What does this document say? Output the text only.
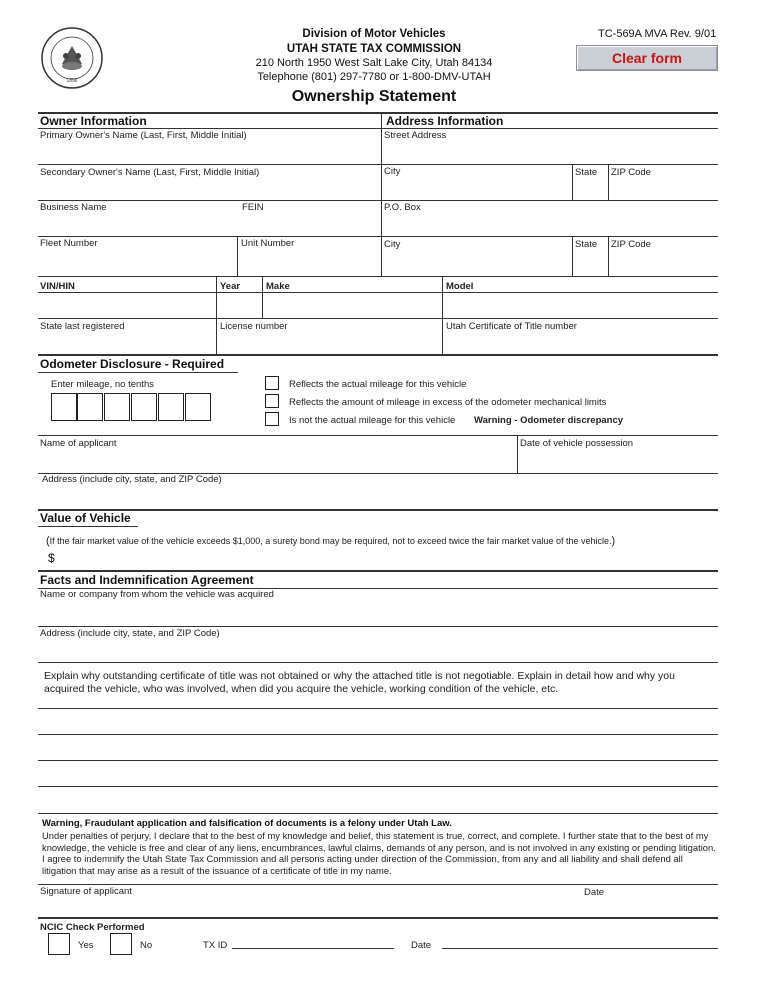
1896
Division of Motor Vehicles
UTAH STATE TAX COMMISSION
210 North 1950 West Salt Lake City, Utah 84134
Telephone (801) 297-7780 or 1-800-DMV-UTAH
Ownership Statement
TC-569A MVA Rev. 9/01
Clear form
Owner Information	Address Information
Primary Owner's Name (Last, First, Middle Initial)	Street Address
Secondary Owner's Name (Last, First, Middle Initial)	City	State ZIP Code
Business Name	FEIN	P.O. Box
Fleet Number	Unit Number	City	State ZIP Code
VIN/HIN	Year	Make	Model
State last registered	License number	Utah Certificate of Title number
Odometer Disclosure - Required
Enter mileage, no tenths	Reflects the actual mileage for this vehicle
Reflects the amount of mileage in excess of the odometer mechanical limits
Is not the actual mileage for this vehicle Warning - Odometer discrepancy
Name of applicant	Date of vehicle possession
Address (include city, state, and ZIP Code)
Value of Vehicle
(If the fair market value of the vehicle exceeds $1,000, a surety bond may be required, not to exceed twice the fair market value of the vehicle.)
$
Facts and Indemnification Agreement
Name or company from whom the vehicle was acquired
Address (include city, state, and ZIP Code)
Explain why outstanding certificate of title was not obtained or why the attached title is not negotiable. Explain in detail how and why you acquired the vehicle, who was involved, when did you acquire the vehicle, working condition of the vehicle, etc.
Warning, Fraudulant application and falsification of documents is a felony under Utah Law.
Under penalties of perjury, I declare that to the best of my knowledge and belief, this statement is true, correct, and complete. I further state that to the best of my knowledge, the vehicle is free and clear of any liens, encumbrances, lawful claims, demands of any person, and is not involved in any existing or pending litigation. I agree to indemnify the Utah State Tax Commission and all persons acting under direction of the Commission, from any and all liability and shall defend all litigation that may arise as a result of the issuance of a certificate of title in my name.
Signature of applicant	Date
NCIC Check Performed
Yes	No	TX ID	Date
